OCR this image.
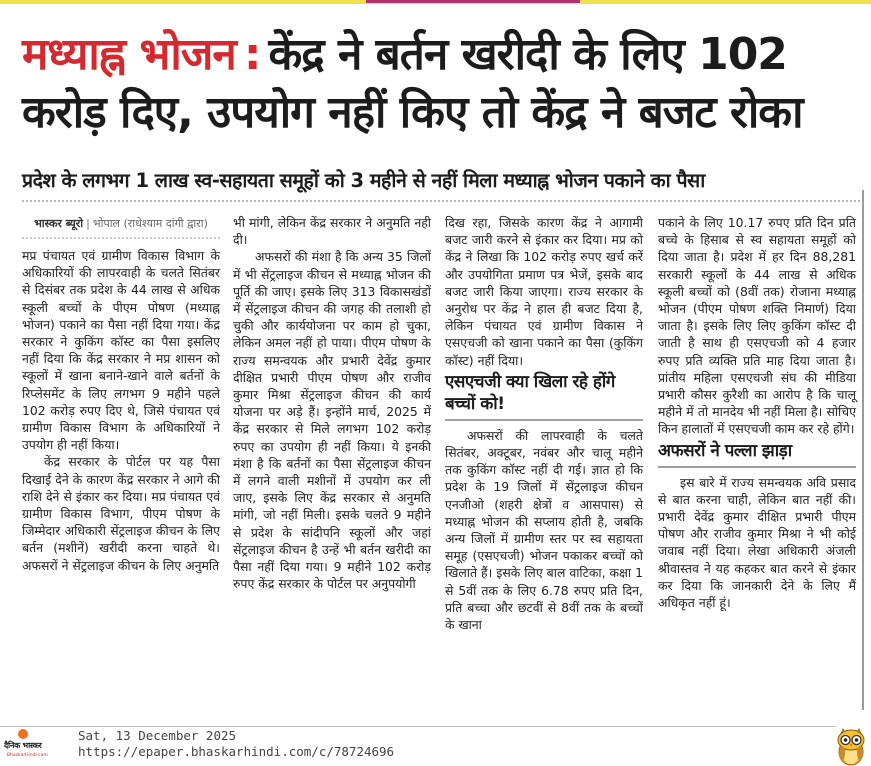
मध्याह्न भोजन : केंद्र ने बर्तन खरीदी के लिए 102 करोड़ दिए, उपयोग नहीं किए तो केंद्र ने बजट रोका
प्रदेश के लगभग 1 लाख स्व-सहायता समूहों को 3 महीने से नहीं मिला मध्याह्न भोजन पकाने का पैसा
भास्कर ब्यूरो | भोपाल (राधेश्याम दांगी द्वारा)

मप्र पंचायत एवं ग्रामीण विकास विभाग के अधिकारियों की लापरवाही के चलते सितंबर से दिसंबर तक प्रदेश के 44 लाख से अधिक स्कूली बच्चों के पीएम पोषण (मध्याह्न भोजन) पकाने का पैसा नहीं दिया गया। केंद्र सरकार ने कुकिंग कॉस्ट का पैसा इसलिए नहीं दिया कि केंद्र सरकार ने मप्र शासन को स्कूलों में खाना बनाने-खाने वाले बर्तनों के रिप्लेसमेंट के लिए लगभग 9 महीने पहले 102 करोड़ रुपए दिए थे, जिसे पंचायत एवं ग्रामीण विकास विभाग के अधिकारियों ने उपयोग ही नहीं किया।

केंद्र सरकार के पोर्टल पर यह पैसा दिखाई देने के कारण केंद्र सरकार ने आगे की राशि देने से इंकार कर दिया। मप्र पंचायत एवं ग्रामीण विकास विभाग, पीएम पोषण के जिम्मेदार अधिकारी सेंट्रलाइज कीचन के लिए बर्तन (मशीनें) खरीदी करना चाहते थे। अफसरों ने सेंट्रलाइज कीचन के लिए अनुमति

भी मांगी, लेकिन केंद्र सरकार ने अनुमति नही दी।

अफसरों की मंशा है कि अन्य 35 जिलों में भी सेंट्रलाइज कीचन से मध्याह्न भोजन की पूर्ति की जाए। इसके लिए 313 विकासखंडों में सेंट्रलाइज कीचन की जगह की तलाशी हो चुकी और कार्ययोजना पर काम हो चुका, लेकिन अमल नहीं हो पाया। पीएम पोषण के राज्य समन्वयक और प्रभारी देवेंद्र कुमार दीक्षित प्रभारी पीएम पोषण और राजीव कुमार मिश्रा सेंट्रलाइज कीचन की कार्य योजना पर अड़े हैं। इन्होंने मार्च, 2025 में केंद्र सरकार से मिले लगभग 102 करोड़ रुपए का उपयोग ही नहीं किया। ये इनकी मंशा है कि बर्तनों का पैसा सेंट्रलाइज कीचन में लगने वाली मशीनों में उपयोग कर ली जाए, इसके लिए केंद्र सरकार से अनुमति मांगी, जो नहीं मिली। इसके चलते 9 महीने से प्रदेश के सांदीपनि स्कूलों और जहां सेंट्रलाइज कीचन है उन्हें भी बर्तन खरीदी का पैसा नहीं दिया गया। 9 महीने 102 करोड़ रुपए केंद्र सरकार के पोर्टल पर अनुपयोगी

दिख रहा, जिसके कारण केंद्र ने आगामी बजट जारी करने से इंकार कर दिया। मप्र को केंद्र ने लिखा कि 102 करोड़ रुपए खर्च करें और उपयोगिता प्रमाण पत्र भेजें, इसके बाद बजट जारी किया जाएगा। राज्य सरकार के अनुरोध पर केंद्र ने हाल ही बजट दिया है, लेकिन पंचायत एवं ग्रामीण विकास ने एसएचजी को खाना पकाने का पैसा (कुकिंग कॉस्ट) नहीं दिया।

एसएचजी क्या खिला रहे होंगे बच्चों को!

अफसरों की लापरवाही के चलते सितंबर, अक्टूबर, नवंबर और चालू महीने तक कुकिंग कॉस्ट नहीं दी गई। ज्ञात हो कि प्रदेश के 19 जिलों में सेंट्रलाइज कीचन एनजीओ (शहरी क्षेत्रों व आसपास) से मध्याह्न भोजन की सप्लाय होती है, जबकि अन्य जिलों में ग्रामीण स्तर पर स्व सहायता समूह (एसएचजी) भोजन पकाकर बच्चों को खिलाते हैं। इसके लिए बाल वाटिका, कक्षा 1 से 5वीं तक के लिए 6.78 रुपए प्रति दिन, प्रति बच्चा और छटवीं से 8वीं तक के बच्चों के खाना

पकाने के लिए 10.17 रुपए प्रति दिन प्रति बच्चे के हिसाब से स्व सहायता समूहों को दिया जाता है। प्रदेश में हर दिन 88,281 सरकारी स्कूलों के 44 लाख से अधिक स्कूली बच्चों को (8वीं तक) रोजाना मध्याह्न भोजन (पीएम पोषण शक्ति निमार्ण) दिया जाता है। इसके लिए लिए कुकिंग कॉस्ट दी जाती है साथ ही एसएचजी को 4 हजार रुपए प्रति व्यक्ति प्रति माह दिया जाता है। प्रांतीय महिला एसएचजी संघ की मीडिया प्रभारी कौसर कुरैशी का आरोप है कि चालू महीने में तो मानदेय भी नहीं मिला है। सोचिए किन हालातों में एसएचजी काम कर रहे होंगे।

अफसरों ने पल्ला झाड़ा

इस बारे में राज्य समन्वयक अवि प्रसाद से बात करना चाही, लेकिन बात नहीं की। प्रभारी देवेंद्र कुमार दीक्षित प्रभारी पीएम पोषण और राजीव कुमार मिश्रा ने भी कोई जवाब नहीं दिया। लेखा अधिकारी अंजली श्रीवास्तव ने यह कहकर बात करने से इंकार कर दिया कि जानकारी देने के लिए मैं अधिकृत नहीं हूं।

दैनिक भास्कर
BhaskarHindi.com
Sat, 13 December 2025
https://epaper.bhaskarhindi.com/c/78724696
